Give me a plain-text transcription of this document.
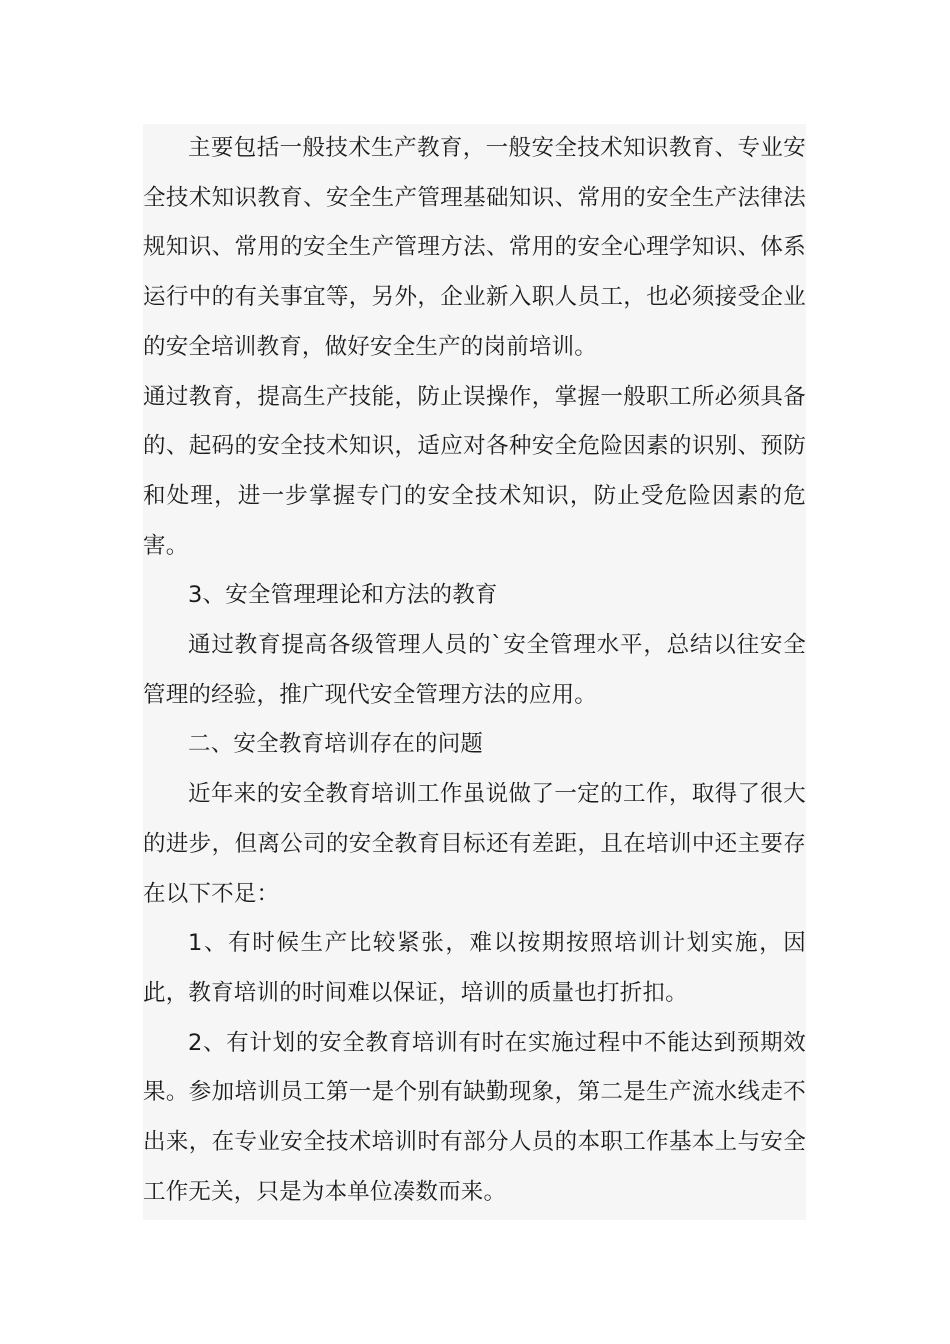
主要包括一般技术生产教育，一般安全技术知识教育、专业安全技术知识教育、安全生产管理基础知识、常用的安全生产法律法规知识、常用的安全生产管理方法、常用的安全心理学知识、体系运行中的有关事宜等，另外，企业新入职人员工，也必须接受企业的安全培训教育，做好安全生产的岗前培训。

通过教育，提高生产技能，防止误操作，掌握一般职工所必须具备的、起码的安全技术知识，适应对各种安全危险因素的识别、预防和处理，进一步掌握专门的安全技术知识，防止受危险因素的危害。

3、安全管理理论和方法的教育

通过教育提高各级管理人员的`安全管理水平，总结以往安全管理的经验，推广现代安全管理方法的应用。

二、安全教育培训存在的问题

近年来的安全教育培训工作虽说做了一定的工作，取得了很大的进步，但离公司的安全教育目标还有差距，且在培训中还主要存在以下不足：

1、有时候生产比较紧张，难以按期按照培训计划实施，因此，教育培训的时间难以保证，培训的质量也打折扣。

2、有计划的安全教育培训有时在实施过程中不能达到预期效果。参加培训员工第一是个别有缺勤现象，第二是生产流水线走不出来，在专业安全技术培训时有部分人员的本职工作基本上与安全工作无关，只是为本单位凑数而来。
